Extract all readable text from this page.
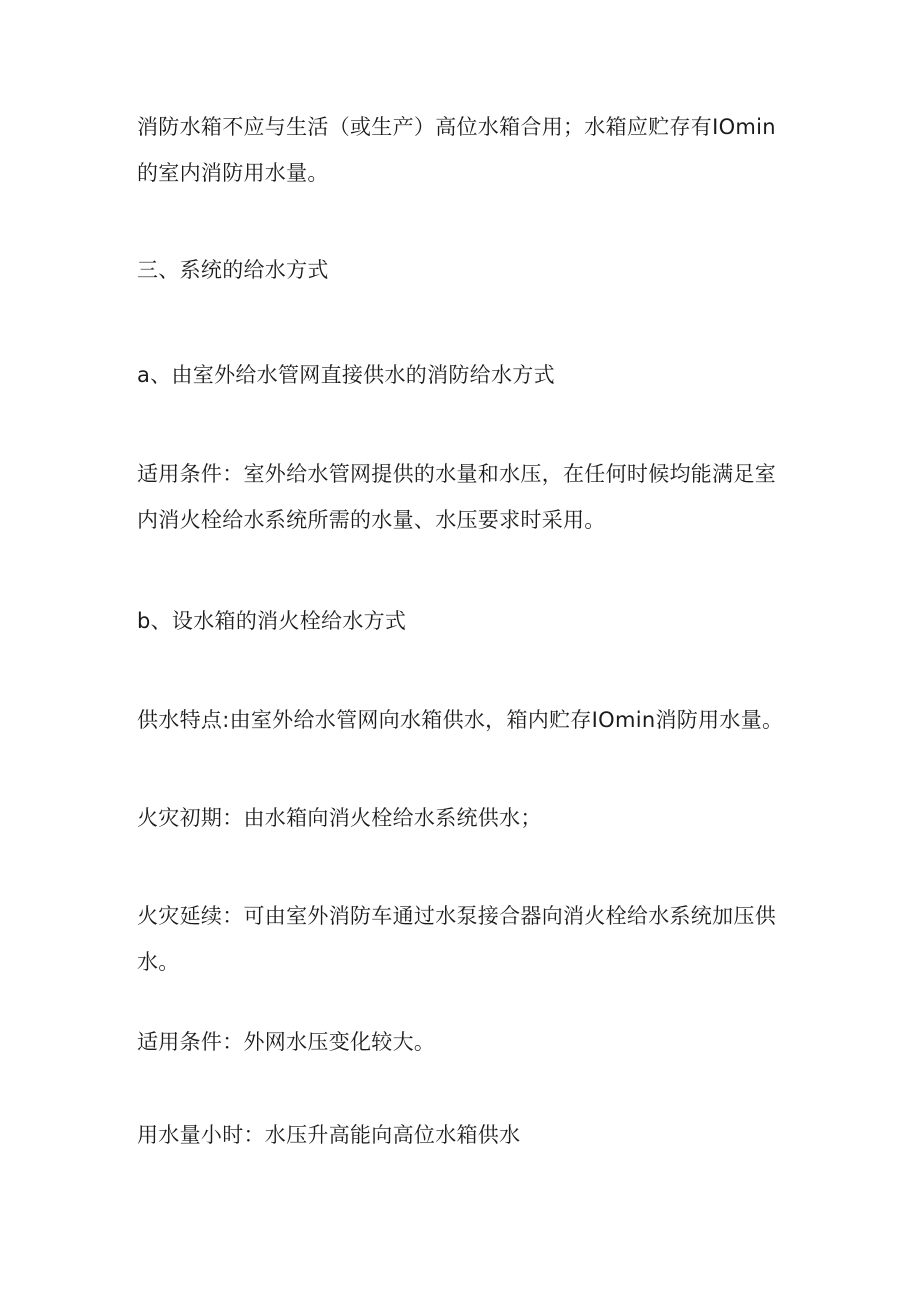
消防水箱不应与生活（或生产）高位水箱合用；水箱应贮存有IOmin
的室内消防用水量。
三、系统的给水方式
a、由室外给水管网直接供水的消防给水方式
适用条件：室外给水管网提供的水量和水压，在任何时候均能满足室
内消火栓给水系统所需的水量、水压要求时采用。
b、设水箱的消火栓给水方式
供水特点:由室外给水管网向水箱供水，箱内贮存IOmin消防用水量。
火灾初期：由水箱向消火栓给水系统供水；
火灾延续：可由室外消防车通过水泵接合器向消火栓给水系统加压供
水。
适用条件：外网水压变化较大。
用水量小时：水压升高能向高位水箱供水
